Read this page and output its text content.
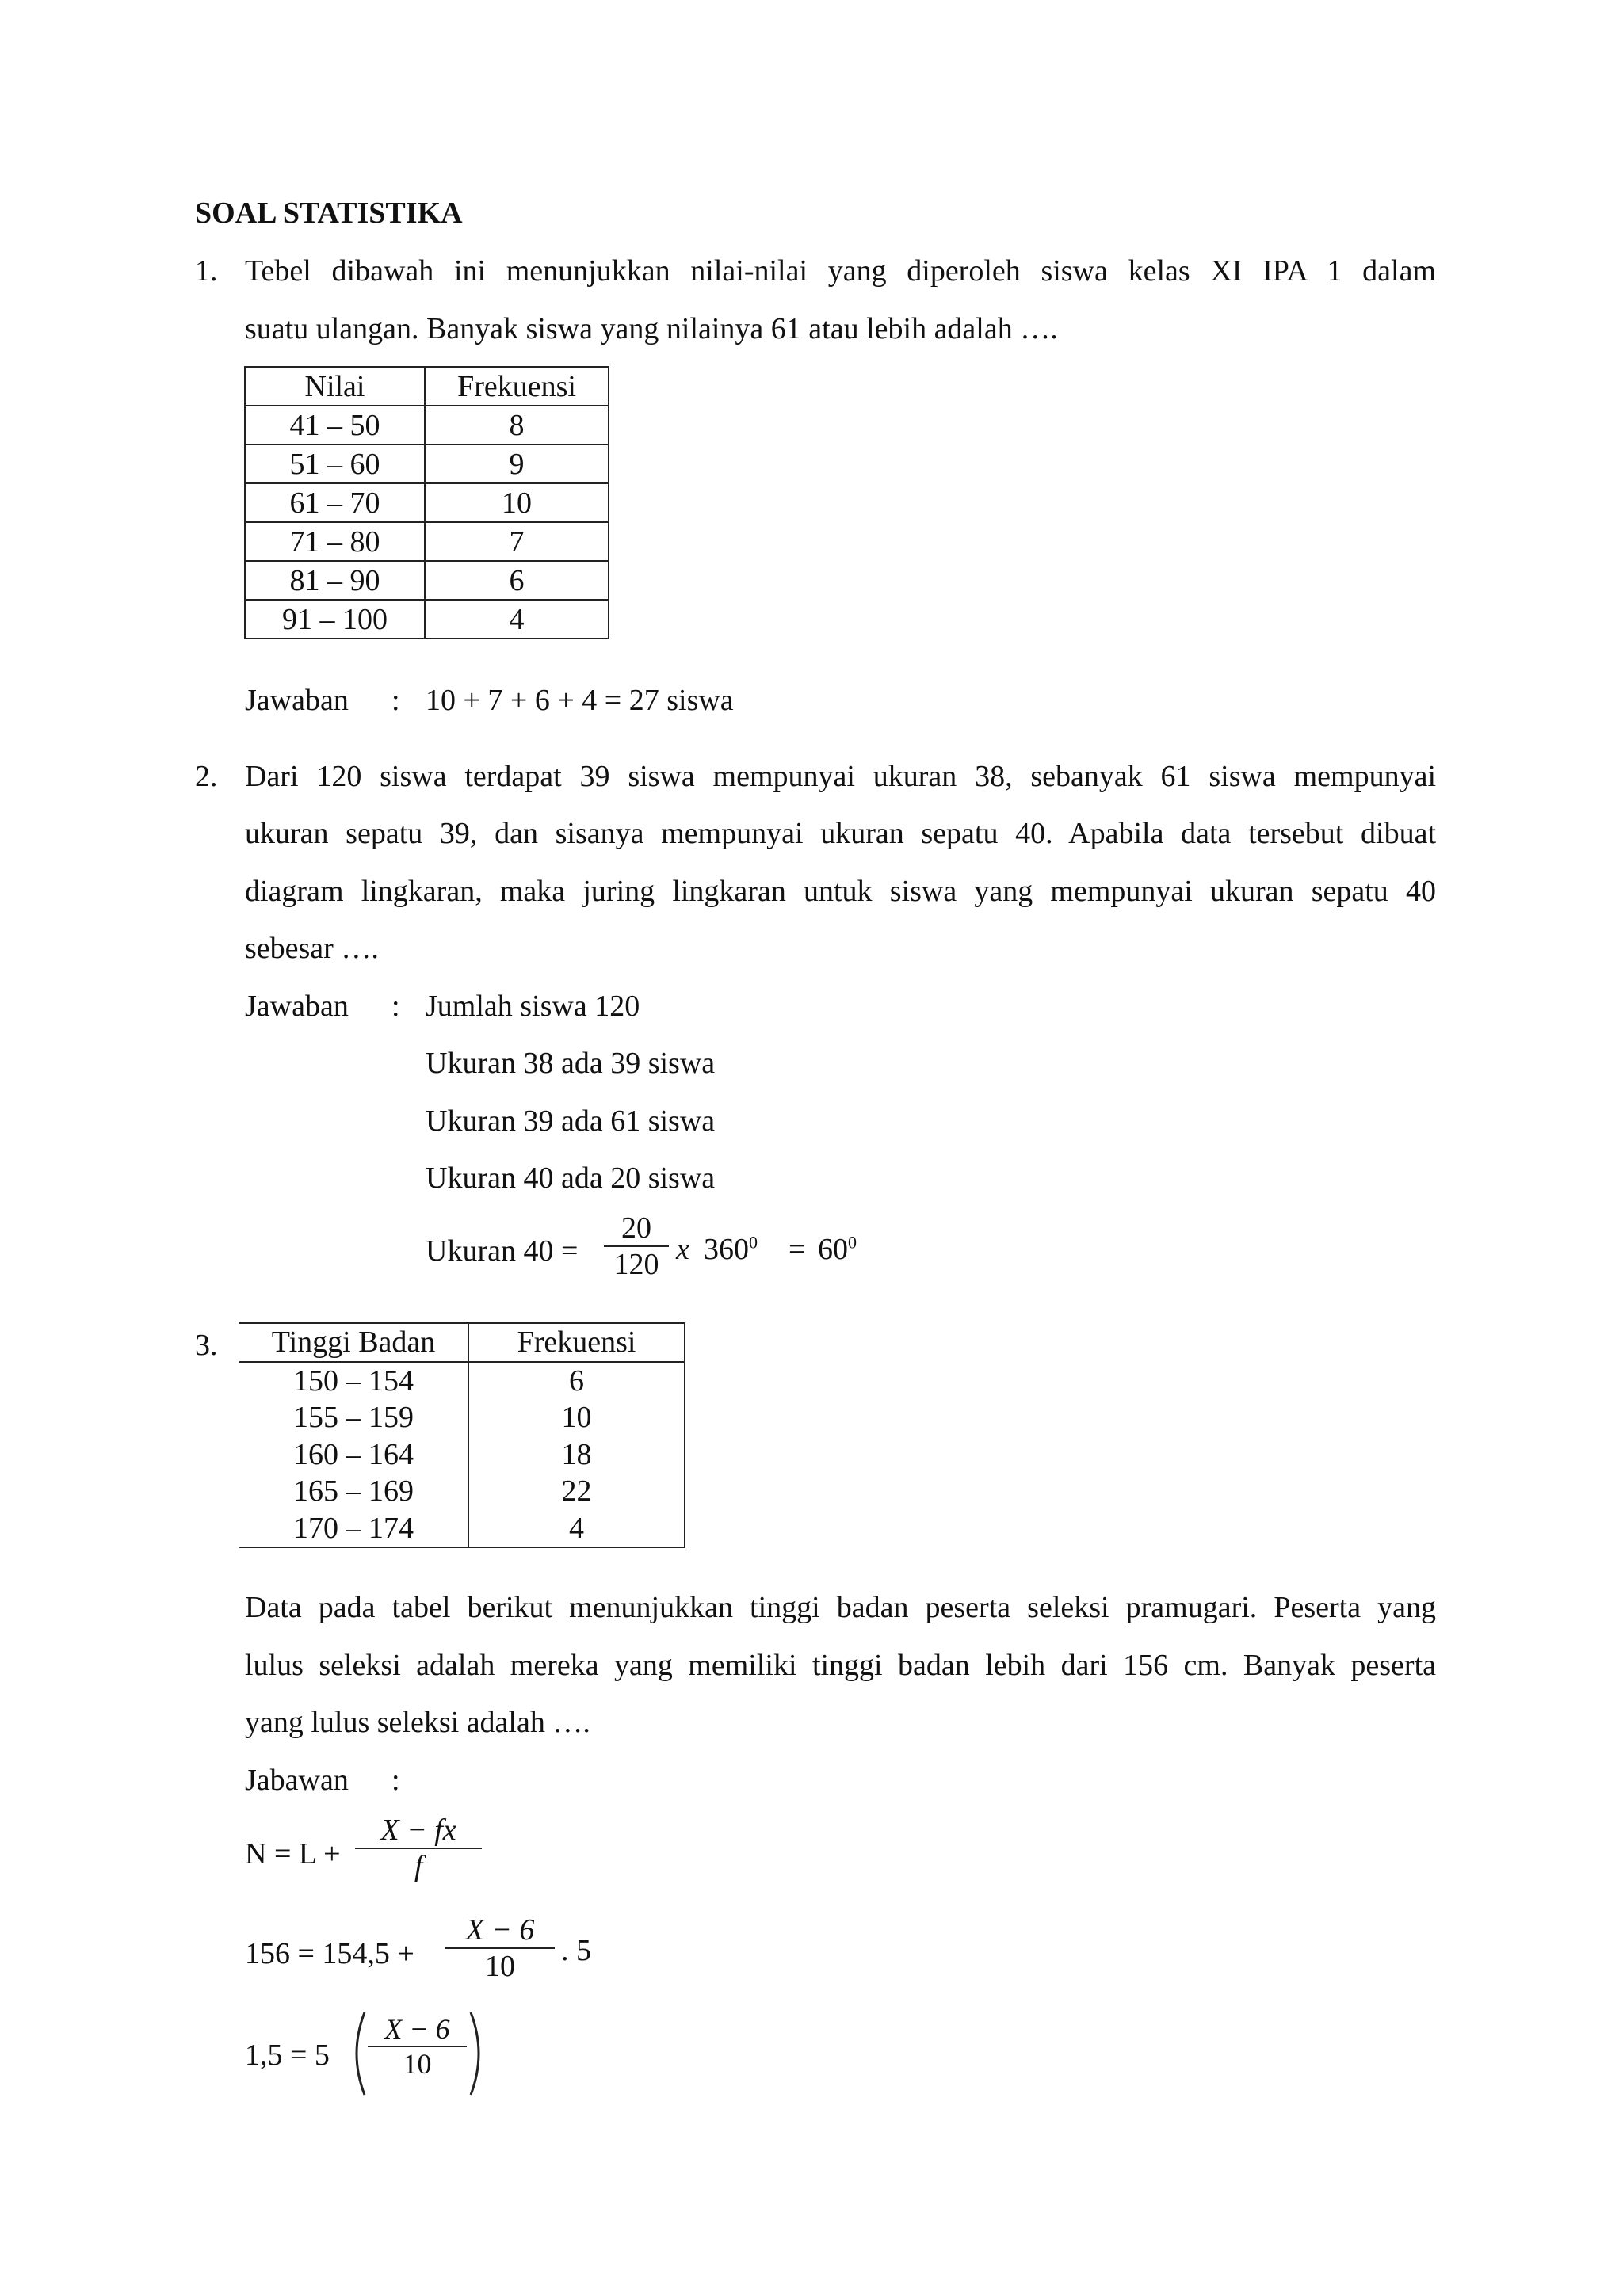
SOAL STATISTIKA
1. Tebel dibawah ini menunjukkan nilai-nilai yang diperoleh siswa kelas XI IPA 1 dalam
suatu ulangan. Banyak siswa yang nilainya 61 atau lebih adalah ….
Nilai	Frekuensi
41 – 50	8
51 – 60	9
61 – 70	10
71 – 80	7
81 – 90	6
91 – 100	4
Jawaban : 10 + 7 + 6 + 4 = 27 siswa
2. Dari 120 siswa terdapat 39 siswa mempunyai ukuran 38, sebanyak 61 siswa mempunyai
ukuran sepatu 39, dan sisanya mempunyai ukuran sepatu 40. Apabila data tersebut dibuat
diagram lingkaran, maka juring lingkaran untuk siswa yang mempunyai ukuran sepatu 40
sebesar ….
Jawaban : Jumlah siswa 120
Ukuran 38 ada 39 siswa
Ukuran 39 ada 61 siswa
Ukuran 40 ada 20 siswa
Ukuran 40 =
20
120 x $360^0 = 60^0$
3. Tinggi Badan	Frekuensi
150 – 154	6
155 – 159	10
160 – 164	18
165 – 169	22
170 – 174	4
Data pada tabel berikut menunjukkan tinggi badan peserta seleksi pramugari. Peserta yang
lulus seleksi adalah mereka yang memiliki tinggi badan lebih dari 156 cm. Banyak peserta
yang lulus seleksi adalah ….
Jabawan :
N = L +
X − fx
f
156 = 154,5 +
X − 6
10	. 5
1,5 = 5
X − 6
10
